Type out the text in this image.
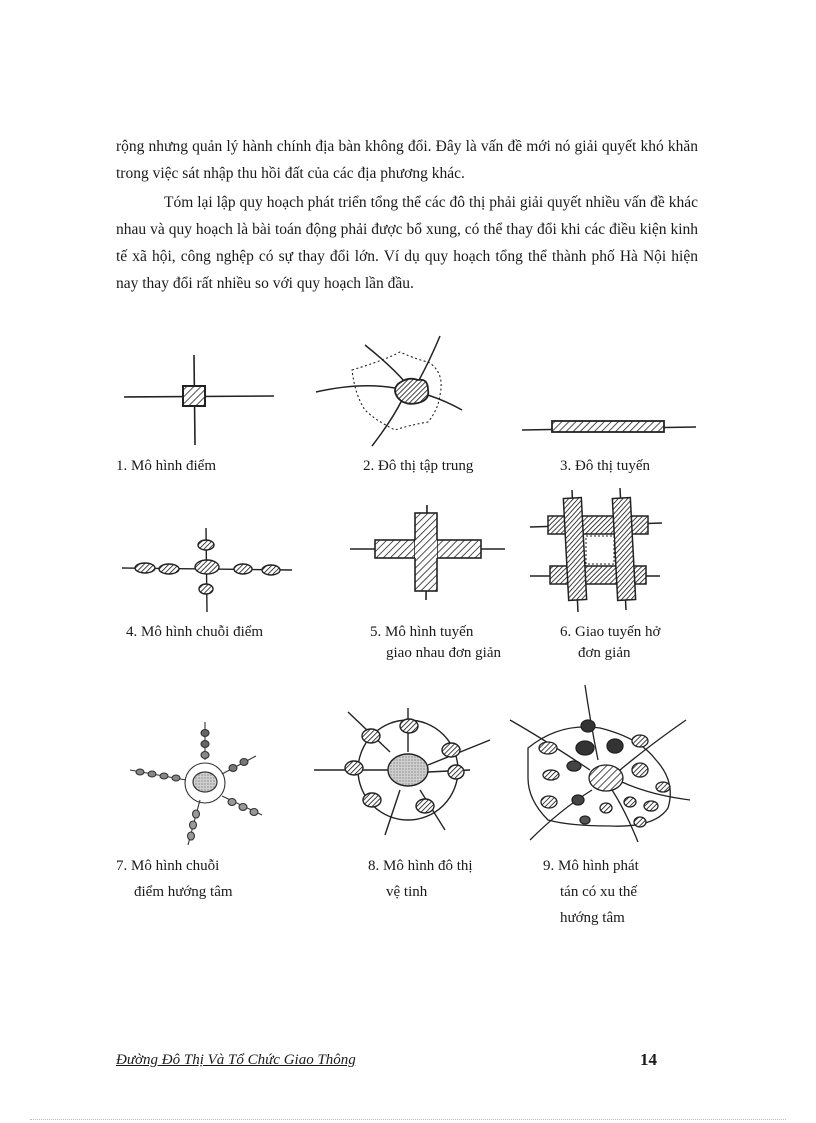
rộng nhưng quản lý hành chính địa bàn không đổi. Đây là vấn đề mới nó giải quyết khó khăn trong việc sát nhập thu hồi đất của các địa phương khác.

Tóm lại lập quy hoạch phát triển tổng thể các đô thị phải giải quyết nhiều vấn đề khác nhau và quy hoạch là bài toán động phải được bổ xung, có thể thay đổi khi các điều kiện kinh tế xã hội, công nghệp có sự thay đổi lớn. Ví dụ quy hoạch tổng thể thành phố Hà Nội hiện nay thay đổi rất nhiều so với quy hoạch lần đầu.

1. Mô hình điểm	2. Đô thị tập trung	3. Đô thị tuyến
4. Mô hình chuỗi điểm	5. Mô hình tuyến
giao nhau đơn giản
6. Giao tuyến hở
đơn giản
7. Mô hình chuỗi
điểm hướng tâm
8. Mô hình đô thị
vệ tinh
9. Mô hình phát
tán có xu thế
hướng tâm
Đường Đô Thị Và Tổ Chức Giao Thông	14
